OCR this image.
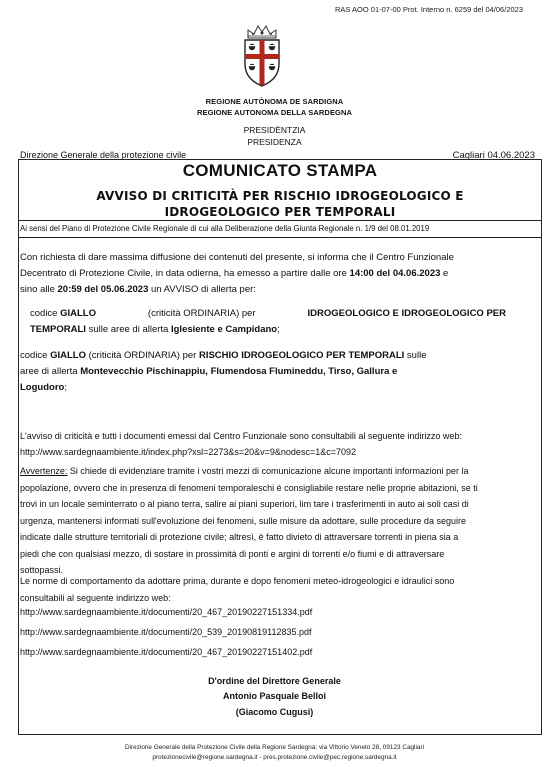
RAS AOO 01-07-00 Prot. Interno n. 6259 del 04/06/2023
REGIONE AUTÒNOMA DE SARDIGNA
REGIONE AUTONOMA DELLA SARDEGNA
PRESIDÈNTZIA
PRESIDENZA
Direzione Generale della protezione civile	Cagliari 04.06.2023
COMUNICATO STAMPA
AVVISO DI CRITICITÀ PER RISCHIO IDROGEOLOGICO E
IDROGEOLOGICO PER TEMPORALI
Ai sensi del Piano di Protezione Civile Regionale di cui alla Deliberazione della Giunta Regionale n. 1/9 del 08.01.2019
Con richiesta di dare massima diffusione dei contenuti del presente, si informa che il Centro Funzionale
Decentrato di Protezione Civile, in data odierna, ha emesso a partire dalle ore 14:00 del 04.06.2023 e
sino alle 20:59 del 05.06.2023 un AVVISO di allerta per:
codice GIALLO	(criticità ORDINARIA) per	IDROGEOLOGICO E IDROGEOLOGICO PER
TEMPORALI sulle aree di allerta Iglesiente e Campidano;
codice GIALLO (criticità ORDINARIA) per RISCHIO IDROGEOLOGICO PER TEMPORALI sulle
aree di allerta Montevecchio Pischinappiu, Flumendosa Flumineddu, Tirso, Gallura e
Logudoro;
L'avviso di criticità e tutti i documenti emessi dal Centro Funzionale sono consultabili al seguente indirizzo web:
http://www.sardegnaambiente.it/index.php?xsl=2273&s=20&v=9&nodesc=1&c=7092
Avvertenze: Si chiede di evidenziare tramite i vostri mezzi di comunicazione alcune importanti informazioni per la
popolazione, ovvero che in presenza di fenomeni temporaleschi è consigliabile restare nelle proprie abitazioni, se ti
trovi in un locale seminterrato o al piano terra, salire ai piani superiori, lim tare i trasferimenti in auto ai soli casi di
urgenza, mantenersi informati sull'evoluzione dei fenomeni, sulle misure da adottare, sulle procedure da seguire
indicate dalle strutture territoriali di protezione civile; altresì, è fatto divieto di attraversare torrenti in piena sia a
piedi che con qualsiasi mezzo, di sostare in prossimità di ponti e argini di torrenti e/o fiumi e di attraversare
sottopassi.
Le norme di comportamento da adottare prima, durante e dopo fenomeni meteo-idrogeologici e idraulici sono
consultabili al seguente indirizzo web:
http://www.sardegnaambiente.it/documenti/20_467_20190227151334.pdf
http://www.sardegnaambiente.it/documenti/20_539_20190819112835.pdf
http://www.sardegnaambiente.it/documenti/20_467_20190227151402.pdf
D'ordine del Direttore Generale
Antonio Pasquale Belloi
(Giacomo Cugusi)
Direzione Generale della Protezione Civile della Regione Sardegna: via Vittorio Veneto 28, 09123 Cagliari
protezionecivile@regione.sardegna.it - pres.protezione.civile@pec.regione.sardegna.it
